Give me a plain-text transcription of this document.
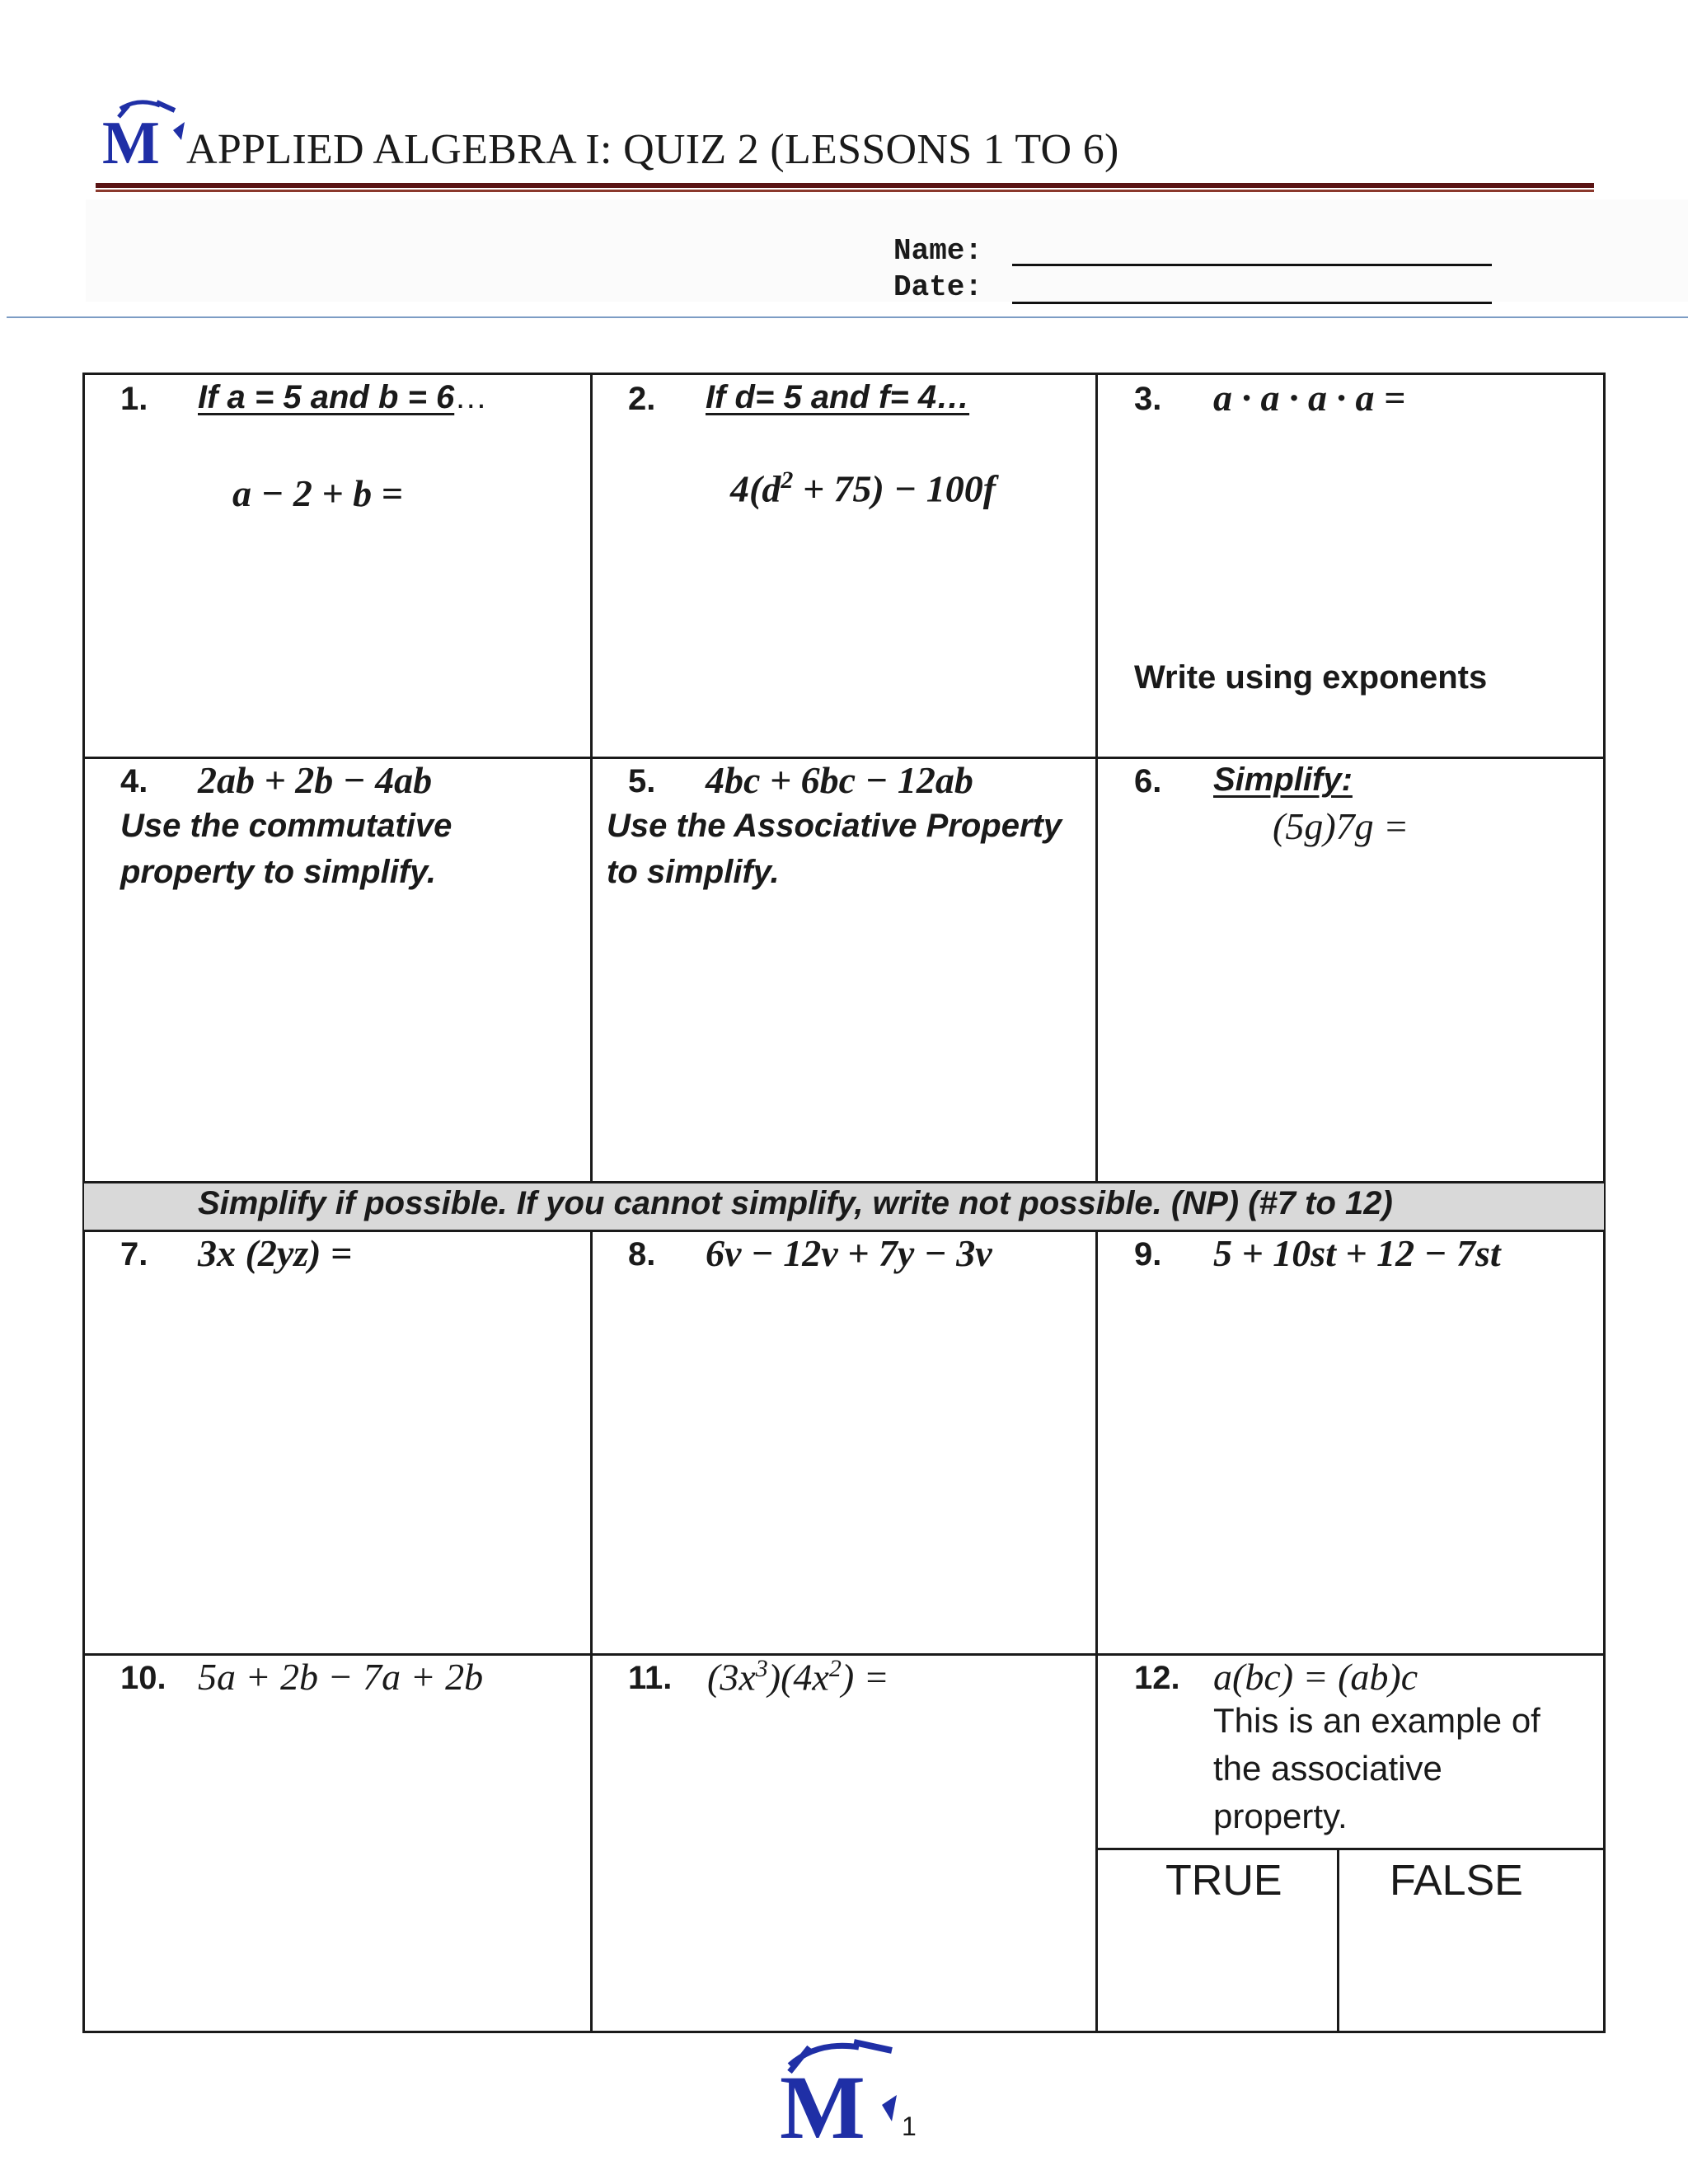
M APPLIED ALGEBRA I: QUIZ 2 (LESSONS 1 TO 6)
Name:
Date:
1. If a = 5 and b = 6…
a − 2 + b =
2. If d= 5 and f= 4…
$4(d^2 + 75) - 100f$
3. a · a · a · a =
Write using exponents
4. 2ab + 2b − 4ab
Use the commutative
property to simplify.
5. 4bc + 6bc − 12ab
Use the Associative Property
to simplify.
6. Simplify:
(5g)7g =
Simplify if possible. If you cannot simplify, write not possible. (NP) (#7 to 12)
7. 3x (2yz) =	8. 6v − 12v + 7y − 3v	9. 5 + 10st + 12 − 7st
10. 5a + 2b − 7a + 2b	11. $(3x^3)(4x^2)$ =	12. a(bc) = (ab)c
This is an example of
the associative
property.
TRUE	FALSE
M 1
